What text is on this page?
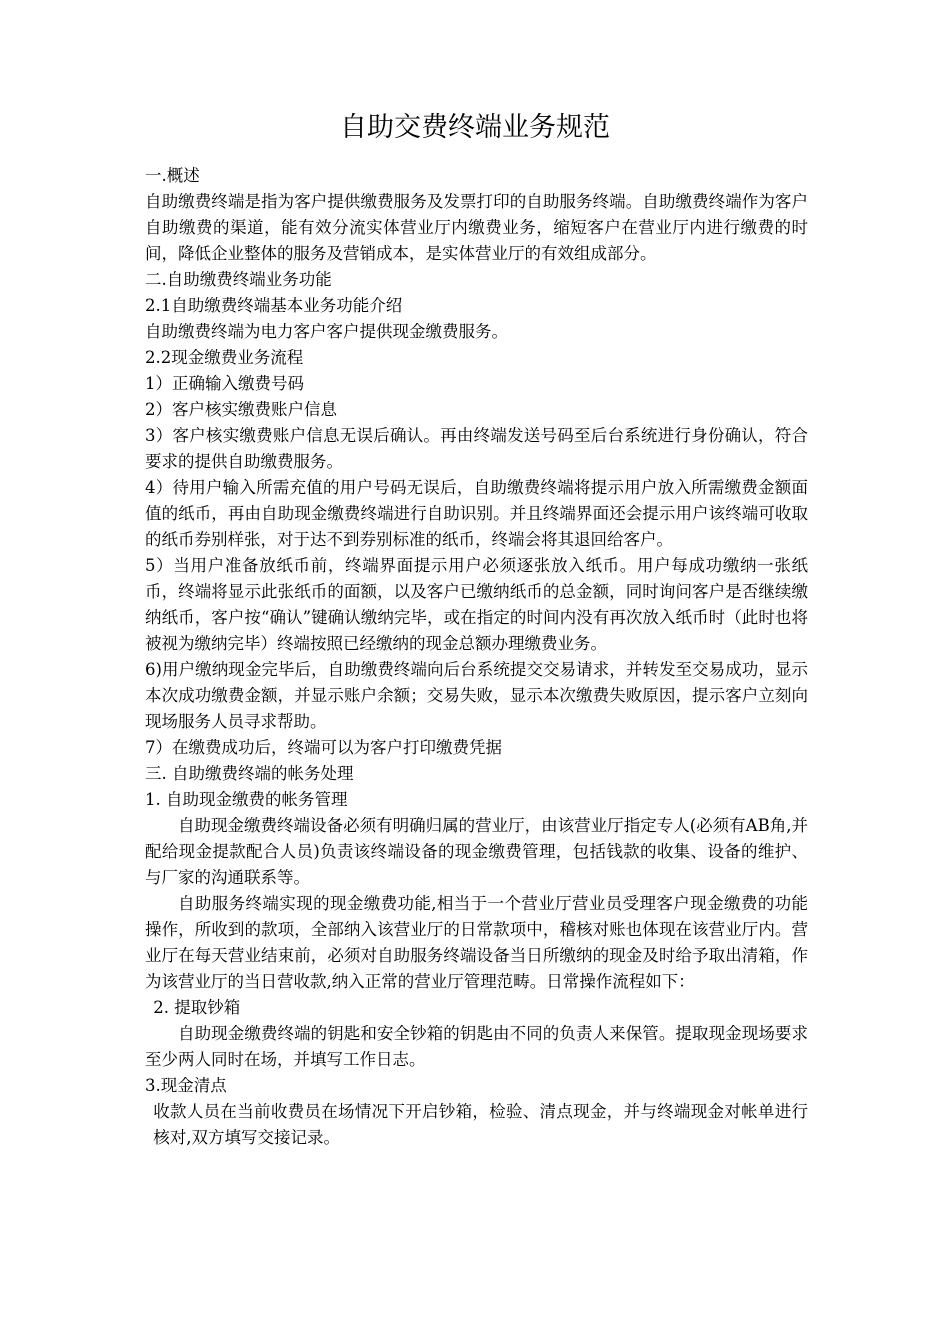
自助交费终端业务规范

一.概述

自助缴费终端是指为客户提供缴费服务及发票打印的自助服务终端。自助缴费终端作为客户自助缴费的渠道，能有效分流实体营业厅内缴费业务，缩短客户在营业厅内进行缴费的时间，降低企业整体的服务及营销成本，是实体营业厅的有效组成部分。

二.自助缴费终端业务功能

2.1自助缴费终端基本业务功能介绍

自助缴费终端为电力客户客户提供现金缴费服务。

2.2现金缴费业务流程

1）正确输入缴费号码

2）客户核实缴费账户信息

3）客户核实缴费账户信息无误后确认。再由终端发送号码至后台系统进行身份确认，符合要求的提供自助缴费服务。

4）待用户输入所需充值的用户号码无误后，自助缴费终端将提示用户放入所需缴费金额面值的纸币，再由自助现金缴费终端进行自助识别。并且终端界面还会提示用户该终端可收取的纸币券别样张，对于达不到券别标准的纸币，终端会将其退回给客户。

5）当用户准备放纸币前，终端界面提示用户必须逐张放入纸币。用户每成功缴纳一张纸币，终端将显示此张纸币的面额，以及客户已缴纳纸币的总金额，同时询问客户是否继续缴纳纸币，客户按“确认”键确认缴纳完毕，或在指定的时间内没有再次放入纸币时（此时也将被视为缴纳完毕）终端按照已经缴纳的现金总额办理缴费业务。

6)用户缴纳现金完毕后，自助缴费终端向后台系统提交交易请求，并转发至交易成功，显示本次成功缴费金额，并显示账户余额；交易失败，显示本次缴费失败原因，提示客户立刻向现场服务人员寻求帮助。

7）在缴费成功后，终端可以为客户打印缴费凭据

三. 自助缴费终端的帐务处理

1. 自助现金缴费的帐务管理

自助现金缴费终端设备必须有明确归属的营业厅，由该营业厅指定专人(必须有AB角,并配给现金提款配合人员)负责该终端设备的现金缴费管理，包括钱款的收集、设备的维护、与厂家的沟通联系等。

自助服务终端实现的现金缴费功能,相当于一个营业厅营业员受理客户现金缴费的功能操作，所收到的款项，全部纳入该营业厅的日常款项中，稽核对账也体现在该营业厅内。营业厅在每天营业结束前，必须对自助服务终端设备当日所缴纳的现金及时给予取出清箱，作为该营业厅的当日营收款,纳入正常的营业厅管理范畴。日常操作流程如下：

2. 提取钞箱

自助现金缴费终端的钥匙和安全钞箱的钥匙由不同的负责人来保管。提取现金现场要求至少两人同时在场，并填写工作日志。

3.现金清点

收款人员在当前收费员在场情况下开启钞箱，检验、清点现金，并与终端现金对帐单进行核对,双方填写交接记录。
